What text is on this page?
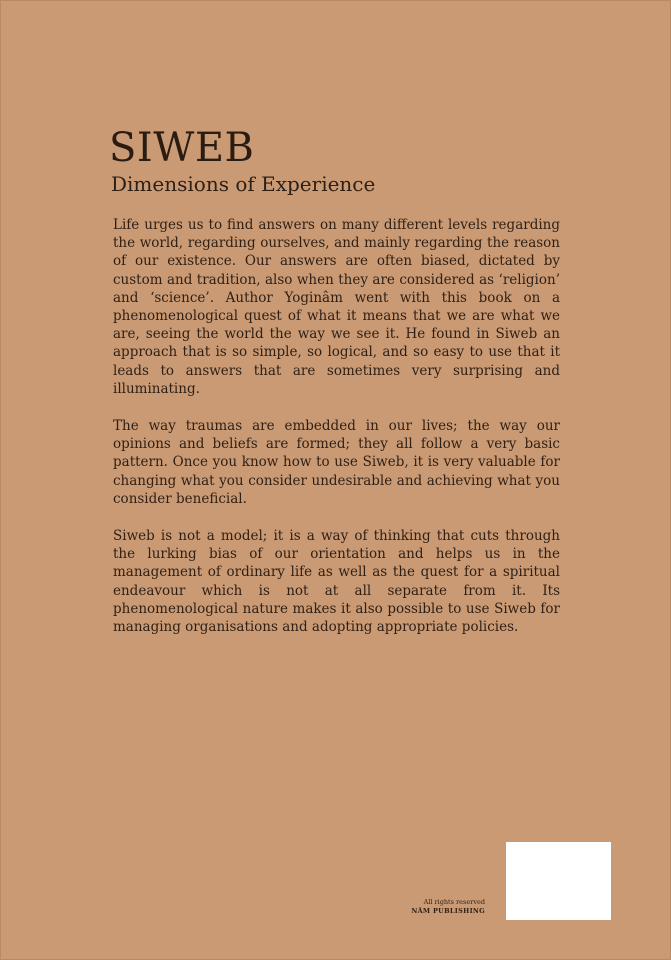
SIWEB
Dimensions of Experience

Life urges us to find answers on many different levels regarding the world, regarding ourselves, and mainly regarding the reason of our existence. Our answers are often biased, dictated by custom and tradition, also when they are considered as ‘religion’ and ‘science’. Author Yoginâm went with this book on a phenomenological quest of what it means that we are what we are, seeing the world the way we see it. He found in Siweb an approach that is so simple, so logical, and so easy to use that it leads to answers that are sometimes very surprising and illuminating.

The way traumas are embedded in our lives; the way our opinions and beliefs are formed; they all follow a very basic pattern. Once you know how to use Siweb, it is very valuable for changing what you consider undesirable and achieving what you consider beneficial.

Siweb is not a model; it is a way of thinking that cuts through the lurking bias of our orientation and helps us in the management of ordinary life as well as the quest for a spiritual endeavour which is not at all separate from it. Its phenomenological nature makes it also possible to use Siweb for managing organisations and adopting appropriate policies.

All rights reserved
NÂM PUBLISHING
